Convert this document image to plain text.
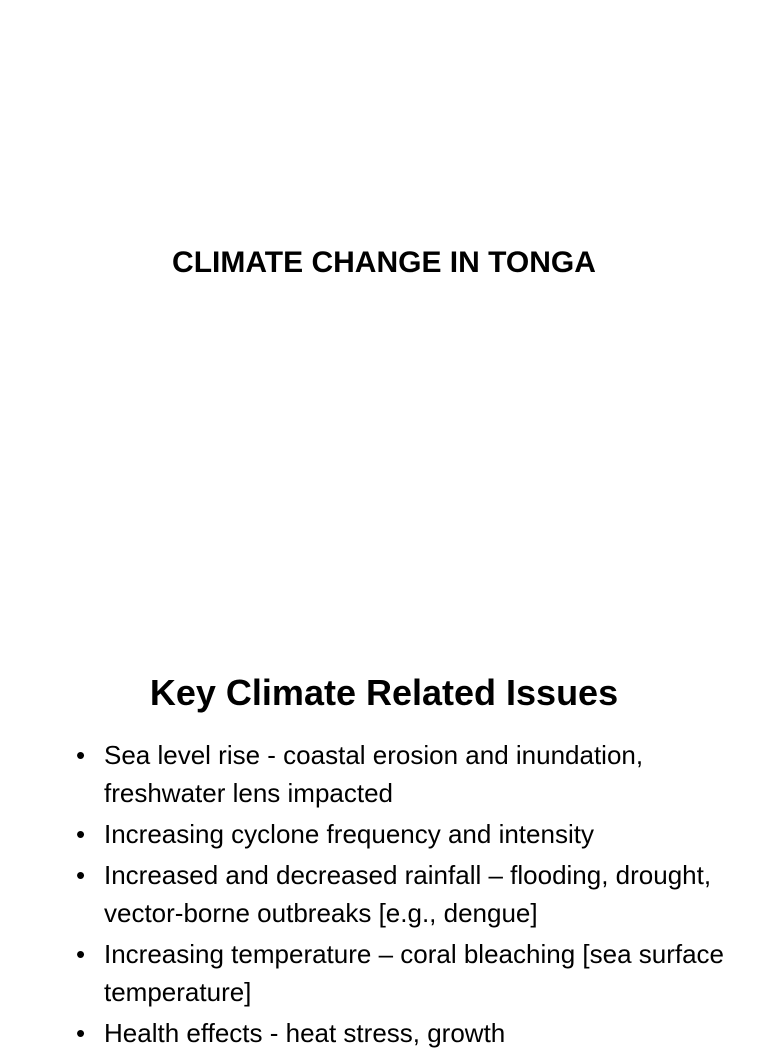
CLIMATE CHANGE IN TONGA
Key Climate Related Issues
• Sea level rise - coastal erosion and inundation, freshwater lens impacted
• Increasing cyclone frequency and intensity
• Increased and decreased rainfall – flooding, drought, vector-borne outbreaks [e.g., dengue]
• Increasing temperature – coral bleaching [sea surface temperature]
• Health effects - heat stress, growth
